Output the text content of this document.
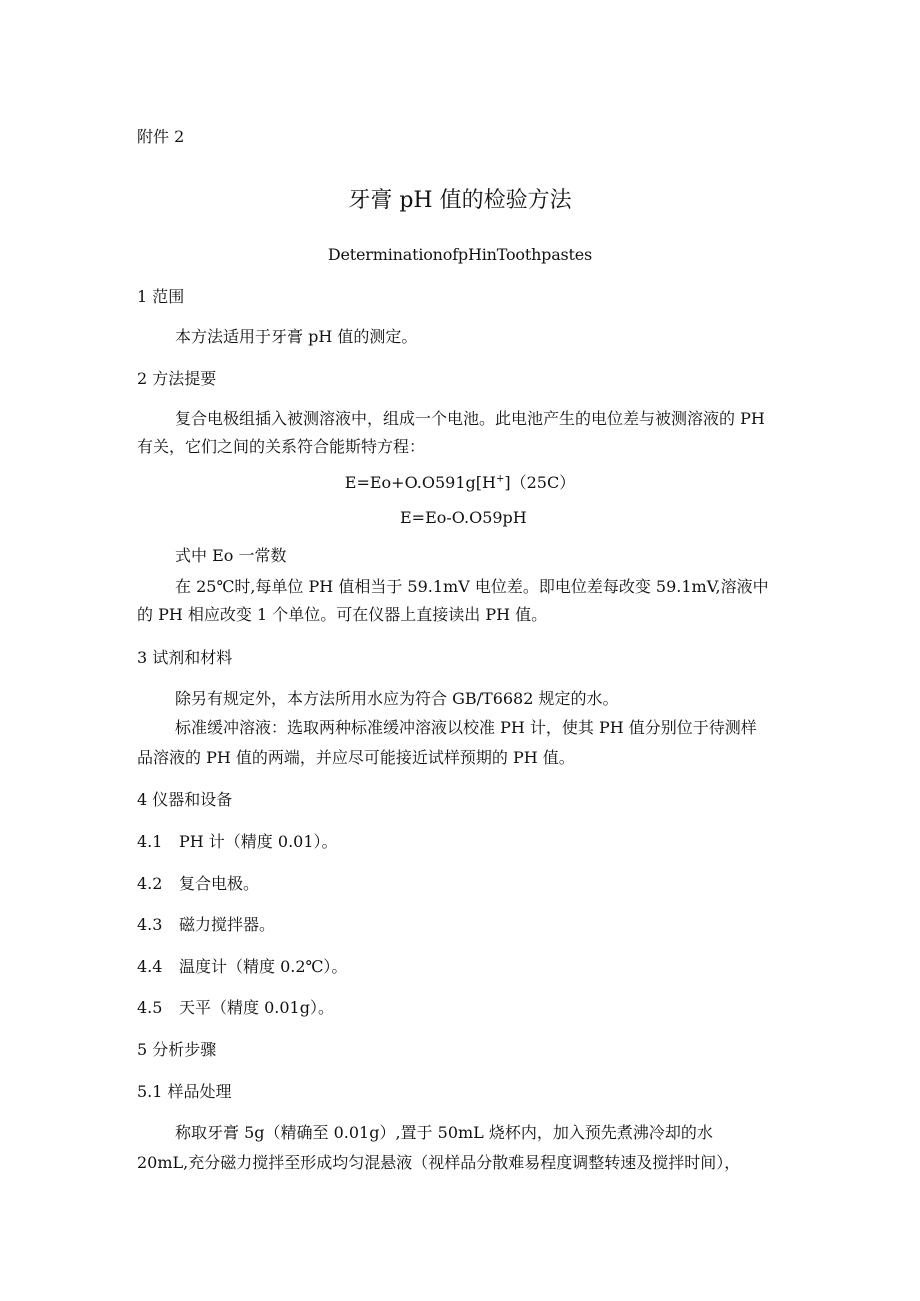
附件 2
牙膏 pH 值的检验方法
DeterminationofpHinToothpastes
1 范围
本方法适用于牙膏 pH 值的测定。
2 方法提要
复合电极组插入被测溶液中，组成一个电池。此电池产生的电位差与被测溶液的 PH
有关，它们之间的关系符合能斯特方程：
E=Eo+O.O591g[H+]（25C）
E=Eo-O.O59pH
式中 Eo 一常数
在 25℃时,每单位 PH 值相当于 59.1mV 电位差。即电位差每改变 59.1mV,溶液中
的 PH 相应改变 1 个单位。可在仪器上直接读出 PH 值。
3 试剂和材料
除另有规定外，本方法所用水应为符合 GB/T6682 规定的水。
标准缓冲溶液：选取两种标准缓冲溶液以校准 PH 计，使其 PH 值分别位于待测样
品溶液的 PH 值的两端，并应尽可能接近试样预期的 PH 值。
4 仪器和设备
4.1 PH 计（精度 0.01）。
4.2 复合电极。
4.3 磁力搅拌器。
4.4 温度计（精度 0.2℃）。
4.5 天平（精度 0.01g）。
5 分析步骤
5.1 样品处理
称取牙膏 5g（精确至 0.01g）,置于 50mL 烧杯内，加入预先煮沸冷却的水
20mL,充分磁力搅拌至形成均匀混悬液（视样品分散难易程度调整转速及搅拌时间），
